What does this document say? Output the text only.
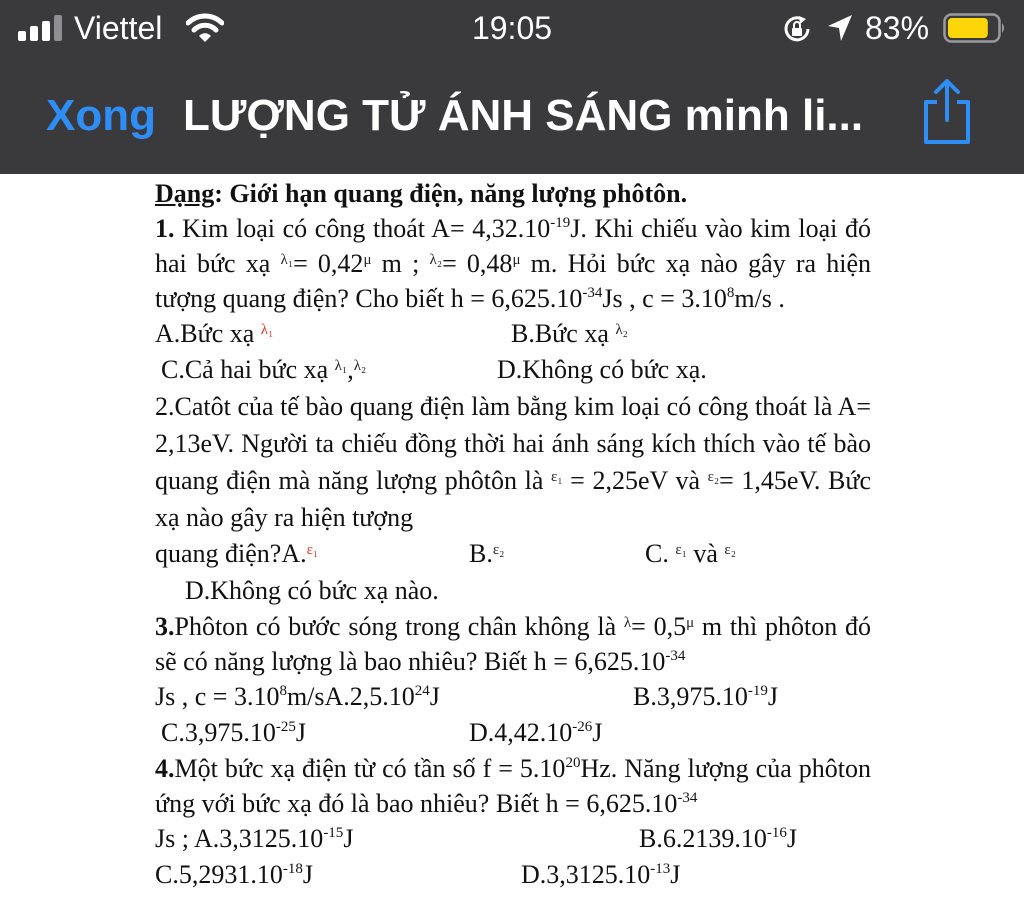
Viettel	19:05	83%
Xong LƯỢNG TỬ ÁNH SÁNG minh li...

Dạng: Giới hạn quang điện, năng lượng phôtôn.

1. Kim loại có công thoát $A= 4,32.10^{-19}J$. Khi chiếu vào kim loại đó hai bức xạ $^{\lambda_1}= 0,42^\mu$ m ; $^{\lambda_2}= 0,48^\mu$ m. Hỏi bức xạ nào gây ra hiện tượng quang điện? Cho biết $h = 6,625.10^{-34}Js$ , $c = 3.10^8m/s$ .

A.Bức xạ $^{\lambda_1}$	B.Bức xạ $^{\lambda_2}$
C.Cả hai bức xạ $^{\lambda_1}$,$^{\lambda_2}$	D.Không có bức xạ.

2.Catôt của tế bào quang điện làm bằng kim loại có công thoát là A= 2,13eV. Người ta chiếu đồng thời hai ánh sáng kích thích vào tế bào quang điện mà năng lượng phôtôn là $^{\varepsilon_1}$ = 2,25eV và $^{\varepsilon_2}$= 1,45eV. Bức xạ nào gây ra hiện tượng

quang điện?A.$^{\varepsilon_1}$	B.$^{\varepsilon_2}$	C. $^{\varepsilon_1}$ và $^{\varepsilon_2}$
D.Không có bức xạ nào.

3.Phôton có bước sóng trong chân không là $^\lambda= 0,5^\mu$ m thì phôton đó sẽ có năng lượng là bao nhiêu? Biết $h = 6,625.10^{-34}$

Js , $c = 3.10^8m/sA.2,5.10^{24}J$	$B.3,975.10^{-19}J$
$C.3,975.10^{-25}J$	$D.4,42.10^{-26}J$

4.Một bức xạ điện từ có tần số $f = 5.10^{20}Hz$. Năng lượng của phôton ứng với bức xạ đó là bao nhiêu? Biết $h = 6,625.10^{-34}$

Js ; $A.3,3125.10^{-15}J$	$B.6.2139.10^{-16}J$
$C.5,2931.10^{-18}J$	$D.3,3125.10^{-13}J$
